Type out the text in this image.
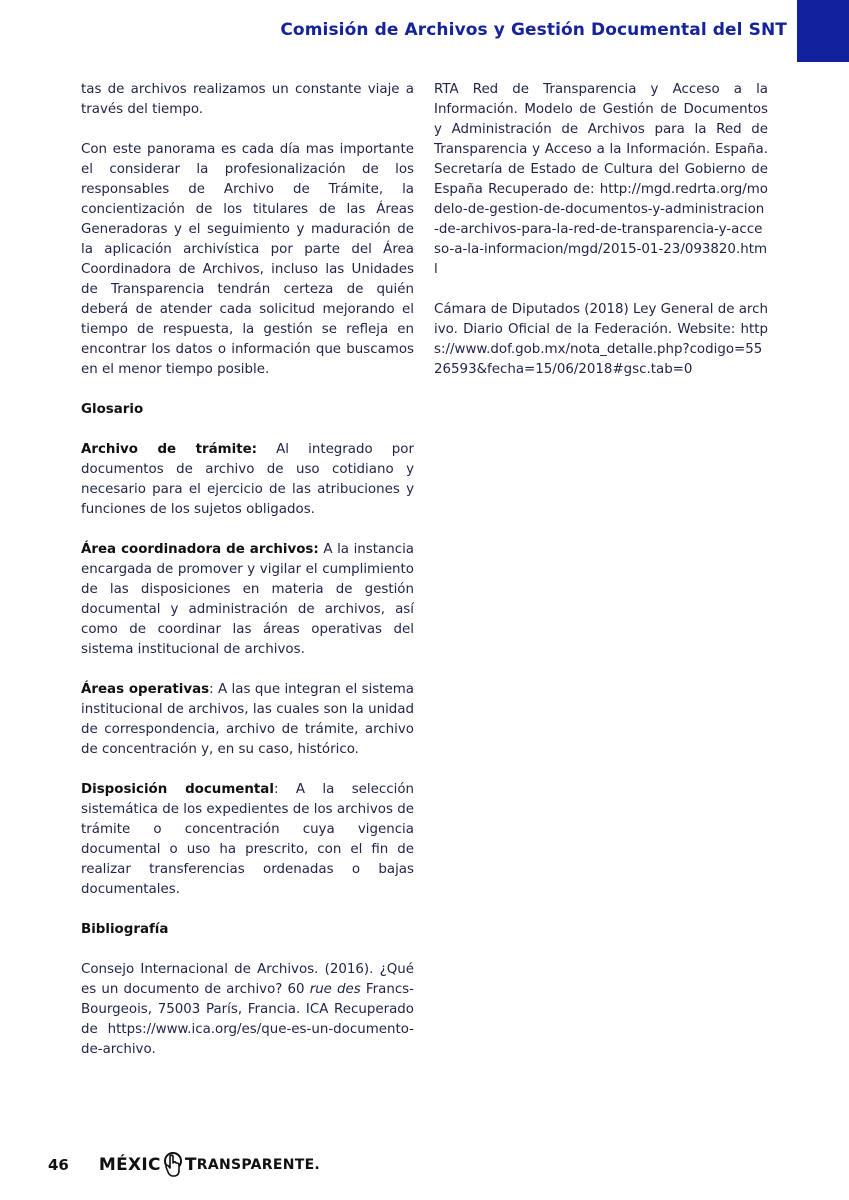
Comisión de Archivos y Gestión Documental del SNT

tas de archivos realizamos un constante viaje a través del tiempo.

Con este panorama es cada día mas importante el considerar la profesionalización de los responsables de Archivo de Trámite, la concientización de los titulares de las Áreas Generadoras y el seguimiento y maduración de la aplicación archivística por parte del Área Coordinadora de Archivos, incluso las Unidades de Transparencia tendrán certeza de quién deberá de atender cada solicitud mejorando el tiempo de respuesta, la gestión se refleja en encontrar los datos o información que buscamos en el menor tiempo posible.

Glosario

Archivo de trámite: Al integrado por documentos de archivo de uso cotidiano y necesario para el ejercicio de las atribuciones y funciones de los sujetos obligados.

Área coordinadora de archivos: A la instancia encargada de promover y vigilar el cumplimiento de las disposiciones en materia de gestión documental y administración de archivos, así como de coordinar las áreas operativas del sistema institucional de archivos.

Áreas operativas: A las que integran el sistema institucional de archivos, las cuales son la unidad de correspondencia, archivo de trámite, archivo de concentración y, en su caso, histórico.

Disposición documental: A la selección sistemática de los expedientes de los archivos de trámite o concentración cuya vigencia documental o uso ha prescrito, con el fin de realizar transferencias ordenadas o bajas documentales.

Bibliografía

Consejo Internacional de Archivos. (2016). ¿Qué es un documento de archivo? 60 rue des Francs-Bourgeois, 75003 París, Francia. ICA Recuperado de https://www.ica.org/es/que-es-un-documento-de-archivo.

RTA Red de Transparencia y Acceso a la Información. Modelo de Gestión de Documentos y Administración de Archivos para la Red de Transparencia y Acceso a la Información. España. Secretaría de Estado de Cultura del Gobierno de España Recuperado de: http://mgd.redrta.org/modelo-de-gestion-de-documentos-y-administracion-de-archivos-para-la-red-de-transparencia-y-acceso-a-la-informacion/mgd/2015-01-23/093820.html

Cámara de Diputados (2018) Ley General de archivo. Diario Oficial de la Federación. Website: https://www.dof.gob.mx/nota_detalle.php?codigo=5526593&fecha=15/06/2018#gsc.tab=0

46 MÉXIC T RANSPARENTE.
